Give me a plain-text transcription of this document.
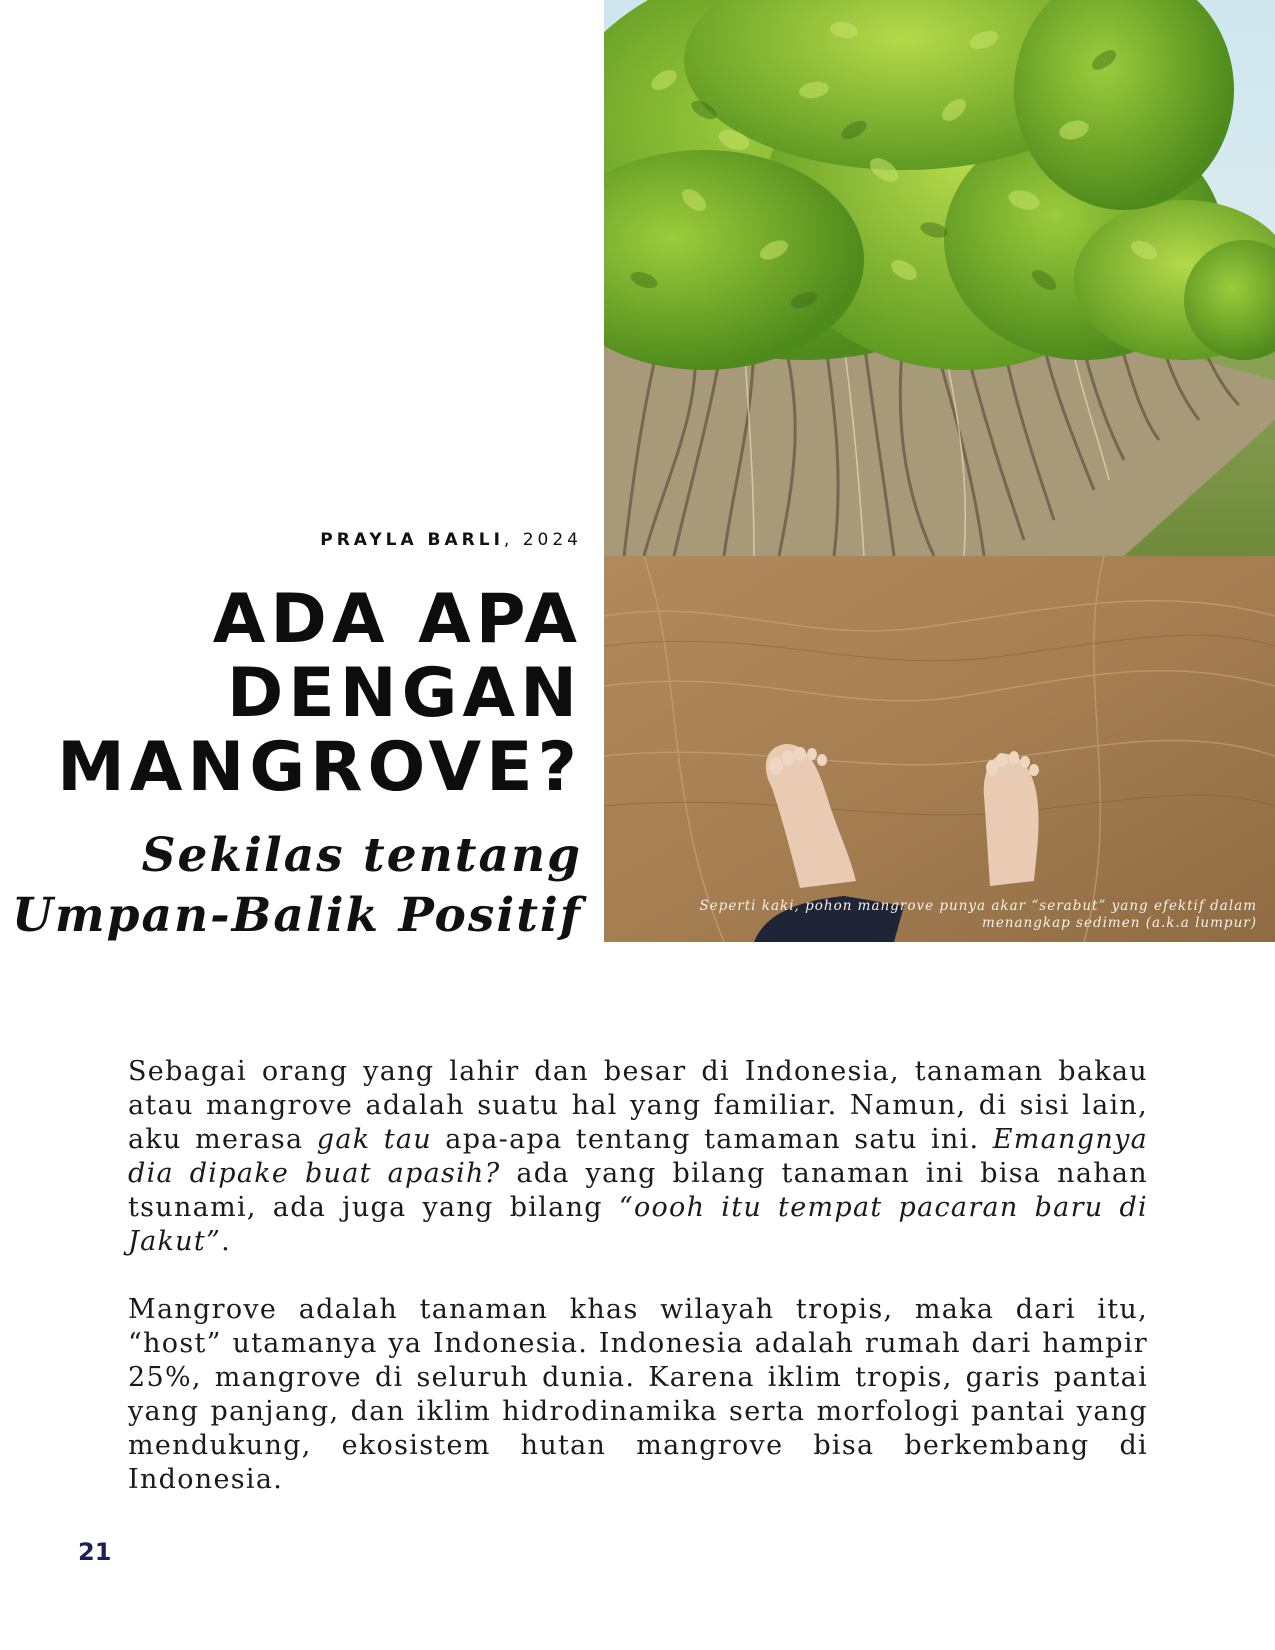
Seperti kaki, pohon mangrove punya akar “serabut” yang efektif dalam
menangkap sedimen (a.k.a lumpur)

PRAYLA BARLI, 2024

ADA APA
DENGAN
MANGROVE?
Sekilas tentang
Umpan-Balik Positif

Sebagai orang yang lahir dan besar di Indonesia, tanaman bakau atau mangrove adalah suatu hal yang familiar. Namun, di sisi lain, aku merasa gak tau apa-apa tentang tamaman satu ini. Emangnya dia dipake buat apasih? ada yang bilang tanaman ini bisa nahan tsunami, ada juga yang bilang “oooh itu tempat pacaran baru di Jakut”.

Mangrove adalah tanaman khas wilayah tropis, maka dari itu, “host” utamanya ya Indonesia. Indonesia adalah rumah dari hampir 25%, mangrove di seluruh dunia. Karena iklim tropis, garis pantai yang panjang, dan iklim hidrodinamika serta morfologi pantai yang mendukung, ekosistem hutan mangrove bisa berkembang di Indonesia.

21
